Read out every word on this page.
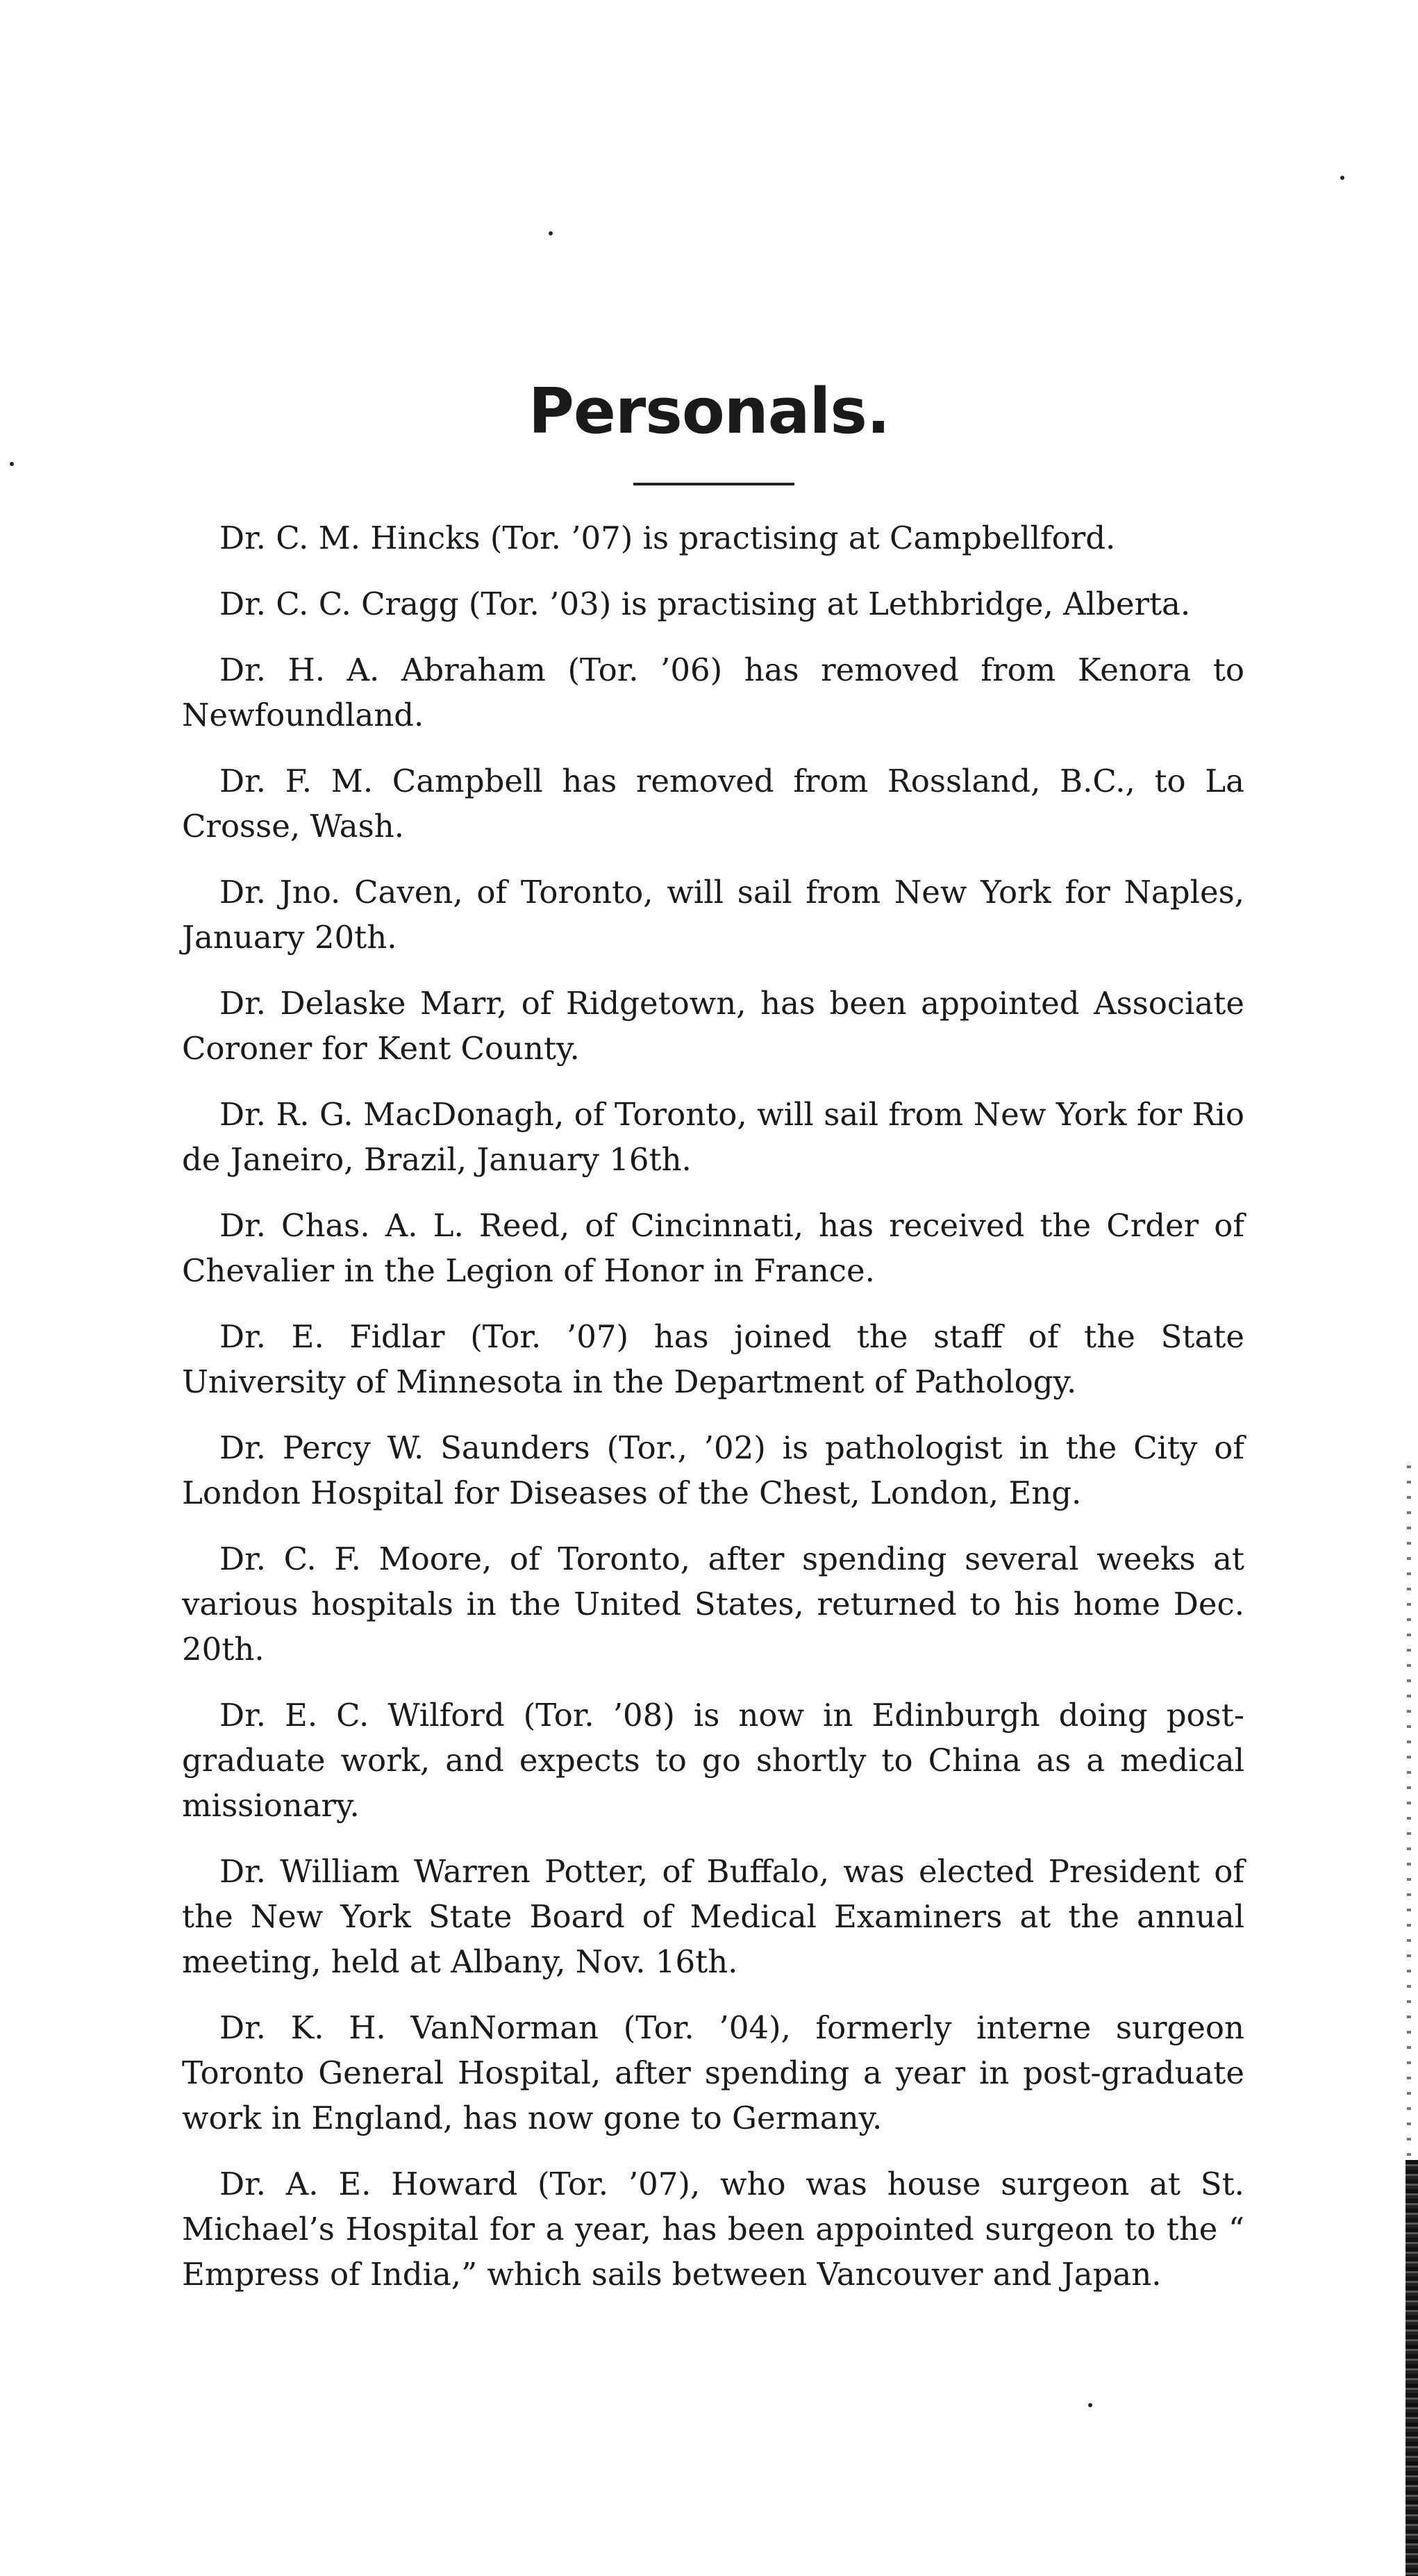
Personals.

Dr. C. M. Hincks (Tor. ’07) is practising at Campbellford.

Dr. C. C. Cragg (Tor. ’03) is practising at Lethbridge, Alberta.

Dr. H. A. Abraham (Tor. ’06) has removed from Kenora to Newfoundland.

Dr. F. M. Campbell has removed from Rossland, B.C., to La Crosse, Wash.

Dr. Jno. Caven, of Toronto, will sail from New York for Naples, January 20th.

Dr. Delaske Marr, of Ridgetown, has been appointed Associate Coroner for Kent County.

Dr. R. G. MacDonagh, of Toronto, will sail from New York for Rio de Janeiro, Brazil, January 16th.

Dr. Chas. A. L. Reed, of Cincinnati, has received the Crder of Chevalier in the Legion of Honor in France.

Dr. E. Fidlar (Tor. ’07) has joined the staff of the State University of Minnesota in the Department of Pathology.

Dr. Percy W. Saunders (Tor., ’02) is pathologist in the City of London Hospital for Diseases of the Chest, London, Eng.

Dr. C. F. Moore, of Toronto, after spending several weeks at various hospitals in the United States, returned to his home Dec. 20th.

Dr. E. C. Wilford (Tor. ’08) is now in Edinburgh doing post-graduate work, and expects to go shortly to China as a medical missionary.

Dr. William Warren Potter, of Buffalo, was elected President of the New York State Board of Medical Examiners at the annual meeting, held at Albany, Nov. 16th.

Dr. K. H. VanNorman (Tor. ’04), formerly interne surgeon Toronto General Hospital, after spending a year in post-graduate work in England, has now gone to Germany.

Dr. A. E. Howard (Tor. ’07), who was house surgeon at St. Michael’s Hospital for a year, has been appointed surgeon to the “ Empress of India,” which sails between Vancouver and Japan.
